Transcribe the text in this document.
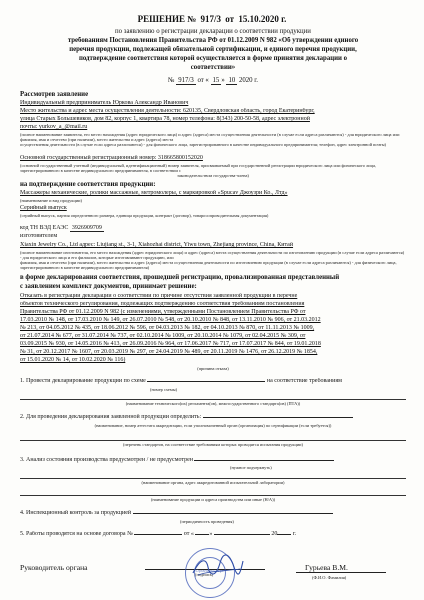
РЕШЕНИЕ № 917/3 от 15.10.2020 г.
по заявлению о регистрации декларации о соответствии продукции
требованиям Постановления Правительства РФ от 01.12.2009 N 982 «Об утверждении единого
перечня продукции, подлежащей обязательной сертификации, и единого перечня продукции,
подтверждение соответствия которой осуществляется в форме принятия декларации о
соответствии»
№ 917/3 от « 15 » 10 2020 г.
Рассмотрев заявление
Индивидуальный предприниматель Юркова Александр Иванович
Место жительства и адрес места осуществления деятельности: 620135, Свердловская область, город Екатеринбург,
улица Старых Большевиков, дом 82, корпус 1, квартира 78, номер телефона: 8(343) 200-50-58, адрес электронной
почты: yurkov_a_@mail.ru
(полное наименование заявителя, его место нахождения (адрес юридического лица) и адрес (адреса) места осуществления деятельности (в случае если адреса различаются) - для юридического лица или фамилия, имя и отчество (при наличии), место жительства и адрес (адреса) места
осуществления деятельности (в случае если адреса различаются) - для физического лица, зарегистрированного в качестве индивидуального предпринимателя; телефон, адрес электронной почты)
Основной государственный регистрационный номер: 318665800152020
(основной государственный учетный (индивидуальный, идентификационный) номер заявителя, присваиваемый при государственной регистрации юридического лица или физического лица, зарегистрированного в качестве индивидуального предпринимателя, в соответствии с
законодательством государства-члена)
на подтверждение соответствия продукции:
Массажеры механические, ролики массажные, метромолеры, с маркировкой «Spucav Джоузри Ко., Лтд»
(наименование и вид продукции)
Серийный выпуск
(серийный выпуск, партия определенного размера, единица продукции, контракт (договор), товаросопроводительная документация)
код ТН ВЭД ЕАЭС 3926909709
изготовителем
Xiaxin Jewelry Co., Ltd адрес: Liujiang st., 3-1, Xiahozhai district, Yiwu town, Zhejiang province, China, Китай
(полное наименование изготовителя, его место нахождения (адрес юридического лица) и адрес (адреса) места осуществления деятельности по изготовлению продукции (в случае если адреса различаются) - для юридического лица и его филиалов, которые изготавливают продукцию, или
фамилия, имя и отчество (при наличии), место жительства и адрес (адреса) места осуществления деятельности по изготовлению продукции (в случае если адреса различаются) - для физического лица, зарегистрированного в качестве индивидуального предпринимателя)
в форме декларирования соответствия, прошедшей регистрацию, провализированная представленный
с заявлением комплект документов, принимает решение:
Отказать в регистрации декларации о соответствии по причине отсутствия заявленной продукции в перечне
объектов технического регулирования, подлежащих подтверждению соответствия требованиям постановления
Правительства РФ от 01.12.2009 N 982 (с изменениями, утвержденными Постановлением Правительства РФ от
17.03.2010 № 148, от 17.03.2010 № 149, от 26.07.2010 № 548, от 20.10.2010 № 848, от 13.11.2010 № 906, от 21.03.2012
№ 213, от 04.05.2012 № 435, от 18.06.2012 № 596, от 04.03.2013 № 182, от 04.10.2013 № 870, от 11.11.2013 № 1009,
от 21.07.2014 № 677, от 31.07.2014 № 737, от 02.10.2014 № 1009, от 20.10.2014 № 1079, от 02.04.2015 № 309, от
03.09.2015 № 930, от 14.05.2016 № 413, от 26.09.2016 № 964, от 17.06.2017 № 717, от 17.07.2017 № 844, от 19.01.2018
№ 31, от 20.12.2017 № 1607, от 20.03.2019 № 297, от 24.04.2019 № 489, от 20.11.2019 № 1476, от 26.12.2019 № 1854,
от 15.01.2020 № 14, от 10.02.2020 № 116)
(причина отказа)
1. Провести декларирование продукции по схеме	на соответствие требованиям
(номер схемы)
(наименование технического(их) регламента(ов), межгосударственного стандарта(ов) (ПТА))
2. Для проведения декларирования заявленной продукции определить:
(наименование, номер аттестата аккредитации, если уполномоченный орган (организация) по сертификации (если требуется))
(перечень стандартов, на соответствие требованиям которых проводятся испытания продукции)
3. Анализ состояния производства предусмотрен / не предусмотрен
(нужное подчеркнуть)
(наименование органа, адрес аккредитованной испытательной лаборатории)
(наименование продукции и адреса производства или иные (Н/А))
4. Инспекционный контроль за продукцией
(периодичность проведения)
5. Работы проводятся на основе договора №	от «	»	20	г.
Руководитель органа
(подпись)
Гурьева В.М.
(Ф.И.О. Фамилия)
Органа по серт.
